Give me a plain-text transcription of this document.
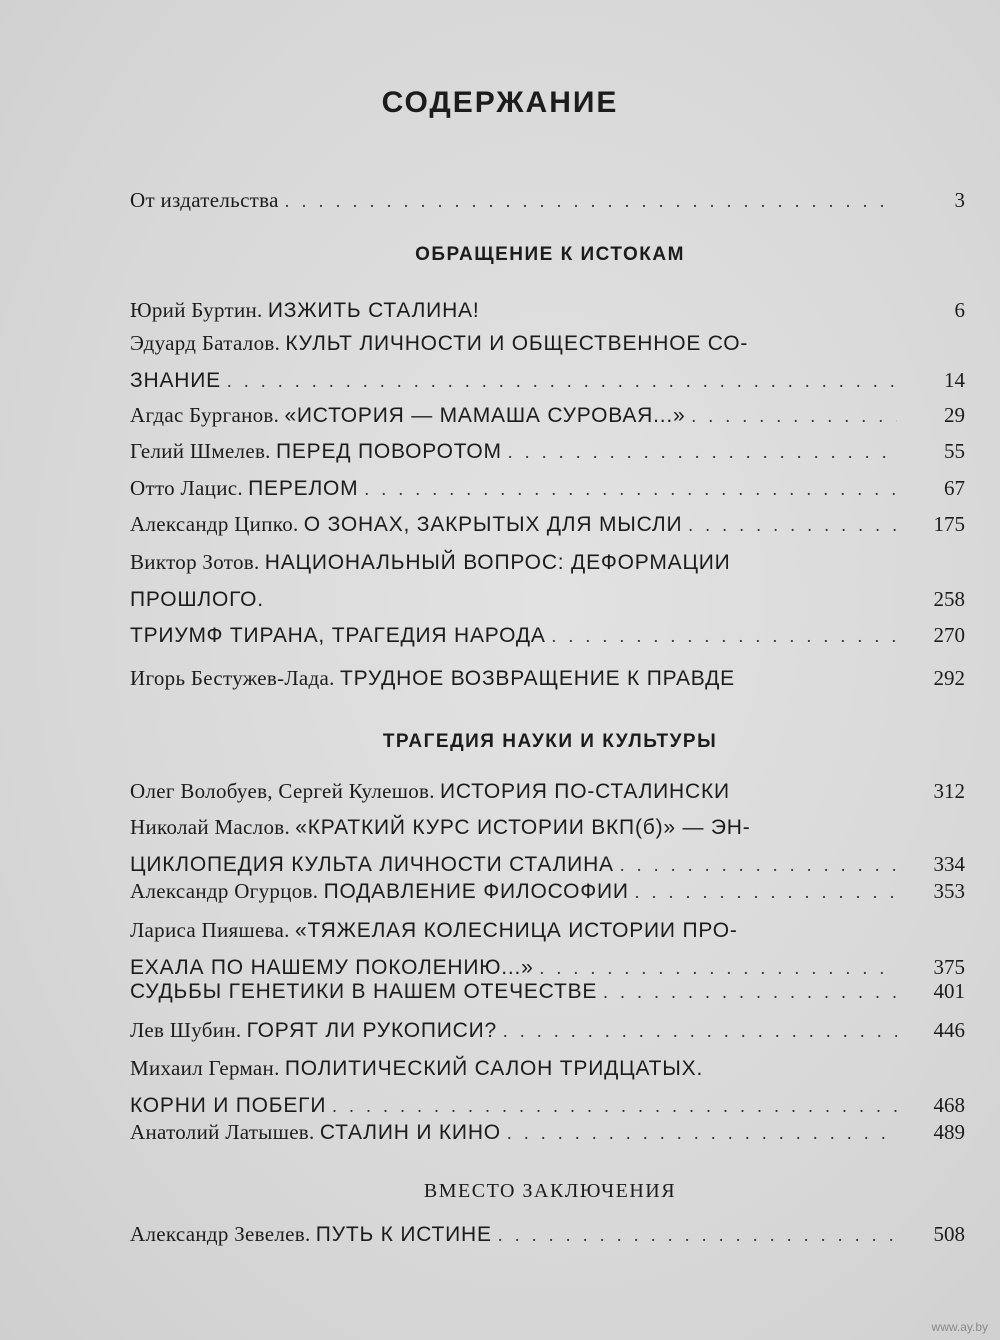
СОДЕРЖАНИЕ
От издательства . . .	3
ОБРАЩЕНИЕ К ИСТОКАМ
Юрий Буртин.
ИЗЖИТЬ СТАЛИНА!	6
Эдуард Баталов.
КУЛЬТ ЛИЧНОСТИ И ОБЩЕСТВЕННОЕ СО-
ЗНАНИЕ . . .	14
Агдас Бурганов.
«ИСТОРИЯ — МАМАША СУРОВАЯ...» . . .	29
Гелий Шмелев.
ПЕРЕД ПОВОРОТОМ . . .	55
Отто Лацис.
ПЕРЕЛОМ . . .	67
Александр Ципко.
О ЗОНАХ, ЗАКРЫТЫХ ДЛЯ МЫСЛИ . . .	175
Виктор Зотов.
НАЦИОНАЛЬНЫЙ ВОПРОС: ДЕФОРМАЦИИ
ПРОШЛОГО.	258
ТРИУМФ ТИРАНА, ТРАГЕДИЯ НАРОДА . . .	270
Игорь Бестужев-Лада.
ТРУДНОЕ ВОЗВРАЩЕНИЕ К ПРАВДЕ	292
ТРАГЕДИЯ НАУКИ И КУЛЬТУРЫ
Олег Волобуев, Сергей Кулешов.
ИСТОРИЯ ПО-СТАЛИНСКИ	312
Николай Маслов.
«КРАТКИЙ КУРС ИСТОРИИ ВКП(б)» — ЭН-
ЦИКЛОПЕДИЯ КУЛЬТА ЛИЧНОСТИ СТАЛИНА . . .	334
Александр Огурцов.
ПОДАВЛЕНИЕ ФИЛОСОФИИ . . .	353
Лариса Пияшева.
«ТЯЖЕЛАЯ КОЛЕСНИЦА ИСТОРИИ ПРО-
ЕХАЛА ПО НАШЕМУ ПОКОЛЕНИЮ...» . . .	375
СУДЬБЫ ГЕНЕТИКИ В НАШЕМ ОТЕЧЕСТВЕ . . .	401
Лев Шубин.
ГОРЯТ ЛИ РУКОПИСИ? . . .	446
Михаил Герман.
ПОЛИТИЧЕСКИЙ САЛОН ТРИДЦАТЫХ.
КОРНИ И ПОБЕГИ . . .	468
Анатолий Латышев.
СТАЛИН И КИНО . . .	489
ВМЕСТО ЗАКЛЮЧЕНИЯ
Александр Зевелев.
ПУТЬ К ИСТИНЕ . . .	508
www.ay.by
